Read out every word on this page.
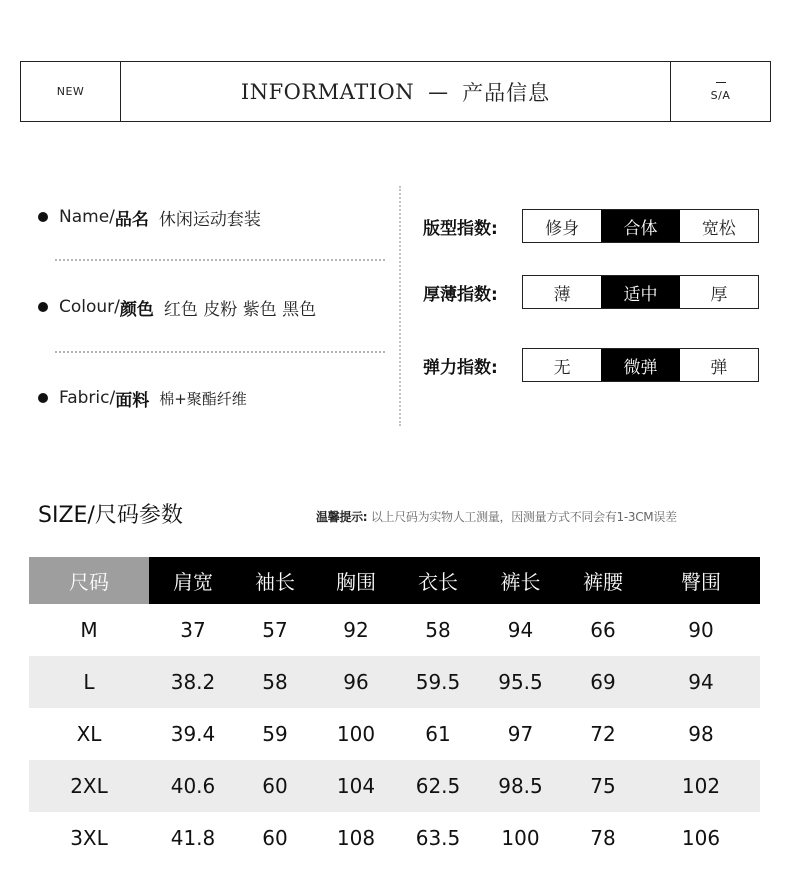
NEW	INFORMATION — 产品信息	S/A
Name/ 品名 休闲运动套装
Colour/ 颜色 红色 皮粉 紫色 黑色
Fabric/ 面料 棉+聚酯纤维
版型指数:	修身	合体	宽松
厚薄指数:	薄	适中	厚
弹力指数:	无	微弹	弹
SIZE/尺码参数	温馨提示: 以上尺码为实物人工测量，因测量方式不同会有1-3CM误差
尺码	肩宽	袖长	胸围	衣长	裤长	裤腰	臀围
M	37	57	92	58	94	66	90
L	38.2	58	96	59.5	95.5	69	94
XL	39.4	59	100	61	97	72	98
2XL	40.6	60	104	62.5	98.5	75	102
3XL	41.8	60	108	63.5	100	78	106
